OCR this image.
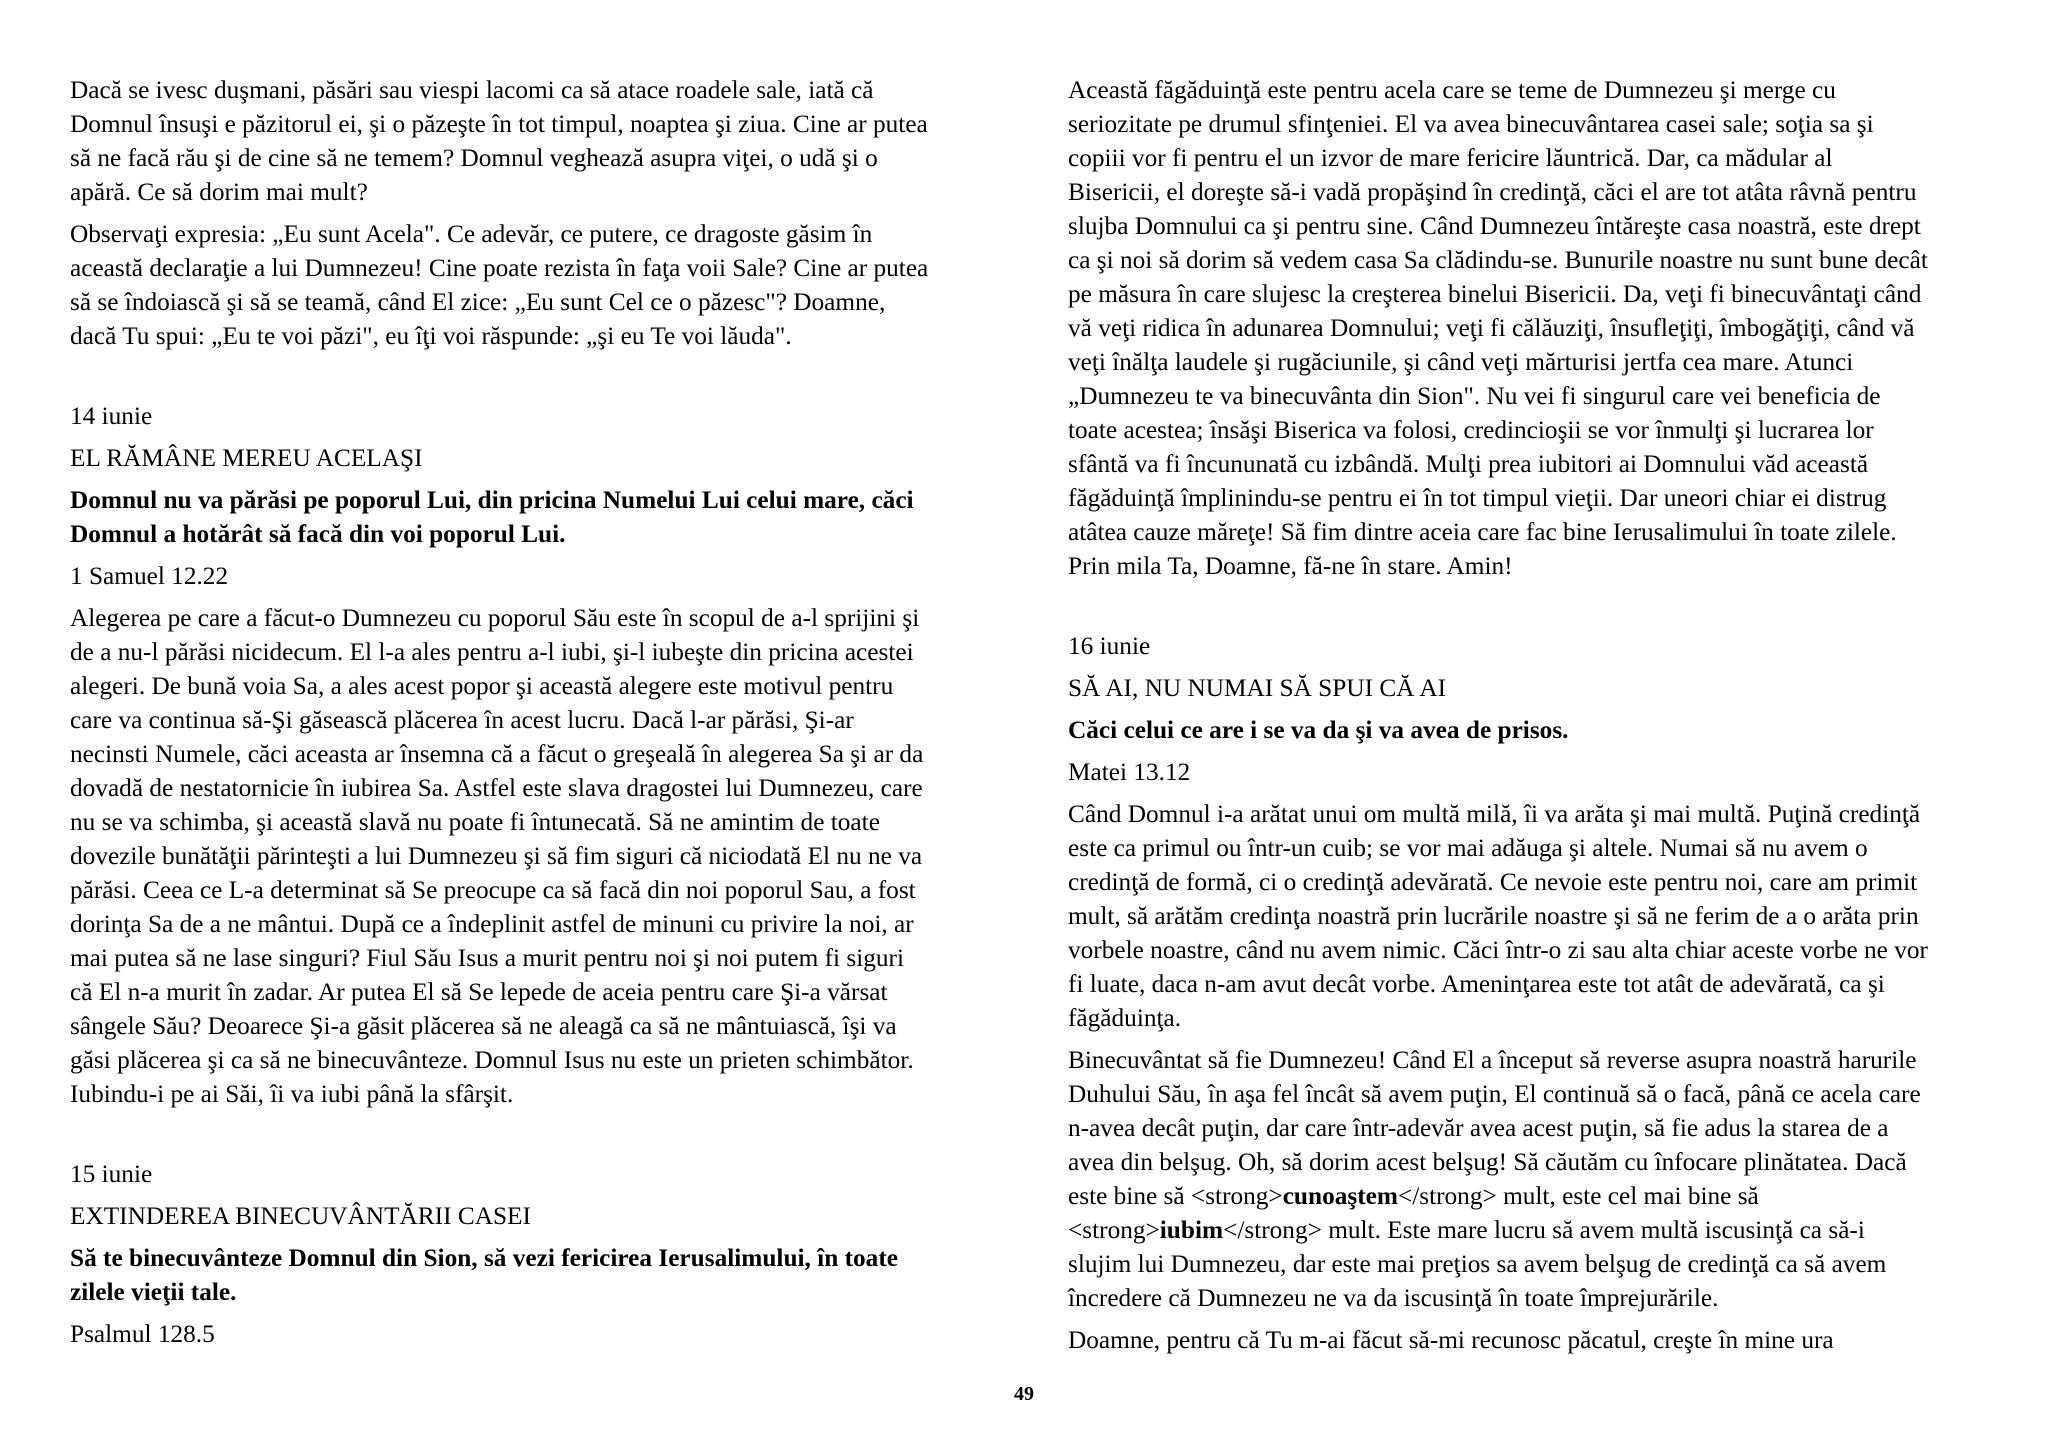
Dacă se ivesc duşmani, păsări sau viespi lacomi ca să atace roadele sale, iată că
Domnul însuşi e păzitorul ei, şi o păzeşte în tot timpul, noaptea şi ziua. Cine ar putea
să ne facă rău şi de cine să ne temem? Domnul veghează asupra viţei, o udă şi o
apără. Ce să dorim mai mult?
Observaţi expresia: „Eu sunt Acela". Ce adevăr, ce putere, ce dragoste găsim în
această declaraţie a lui Dumnezeu! Cine poate rezista în faţa voii Sale? Cine ar putea
să se îndoiască şi să se teamă, când El zice: „Eu sunt Cel ce o păzesc"? Doamne,
dacă Tu spui: „Eu te voi păzi", eu îţi voi răspunde: „şi eu Te voi lăuda".
14 iunie
EL RĂMÂNE MEREU ACELAŞI
Domnul nu va părăsi pe poporul Lui, din pricina Numelui Lui celui mare, căci
Domnul a hotărât să facă din voi poporul Lui.
1 Samuel 12.22
Alegerea pe care a făcut-o Dumnezeu cu poporul Său este în scopul de a-l sprijini şi
de a nu-l părăsi nicidecum. El l-a ales pentru a-l iubi, şi-l iubeşte din pricina acestei
alegeri. De bună voia Sa, a ales acest popor şi această alegere este motivul pentru
care va continua să-Şi găsească plăcerea în acest lucru. Dacă l-ar părăsi, Şi-ar
necinsti Numele, căci aceasta ar însemna că a făcut o greşeală în alegerea Sa şi ar da
dovadă de nestatornicie în iubirea Sa. Astfel este slava dragostei lui Dumnezeu, care
nu se va schimba, şi această slavă nu poate fi întunecată. Să ne amintim de toate
dovezile bunătăţii părinteşti a lui Dumnezeu şi să fim siguri că niciodată El nu ne va
părăsi. Ceea ce L-a determinat să Se preocupe ca să facă din noi poporul Sau, a fost
dorinţa Sa de a ne mântui. După ce a îndeplinit astfel de minuni cu privire la noi, ar
mai putea să ne lase singuri? Fiul Său Isus a murit pentru noi şi noi putem fi siguri
că El n-a murit în zadar. Ar putea El să Se lepede de aceia pentru care Şi-a vărsat
sângele Său? Deoarece Şi-a găsit plăcerea să ne aleagă ca să ne mântuiască, îşi va
găsi plăcerea şi ca să ne binecuvânteze. Domnul Isus nu este un prieten schimbător.
Iubindu-i pe ai Săi, îi va iubi până la sfârşit.
15 iunie
EXTINDEREA BINECUVÂNTĂRII CASEI
Să te binecuvânteze Domnul din Sion, să vezi fericirea Ierusalimului, în toate
zilele vieţii tale.
Psalmul 128.5
Această făgăduinţă este pentru acela care se teme de Dumnezeu şi merge cu
seriozitate pe drumul sfinţeniei. El va avea binecuvântarea casei sale; soţia sa şi
copiii vor fi pentru el un izvor de mare fericire lăuntrică. Dar, ca mădular al
Bisericii, el doreşte să-i vadă propăşind în credinţă, căci el are tot atâta râvnă pentru
slujba Domnului ca şi pentru sine. Când Dumnezeu întăreşte casa noastră, este drept
ca şi noi să dorim să vedem casa Sa clădindu-se. Bunurile noastre nu sunt bune decât
pe măsura în care slujesc la creşterea binelui Bisericii. Da, veţi fi binecuvântaţi când
vă veţi ridica în adunarea Domnului; veţi fi călăuziţi, însufleţiţi, îmbogăţiţi, când vă
veţi înălţa laudele şi rugăciunile, şi când veţi mărturisi jertfa cea mare. Atunci
„Dumnezeu te va binecuvânta din Sion". Nu vei fi singurul care vei beneficia de
toate acestea; însăşi Biserica va folosi, credincioşii se vor înmulţi şi lucrarea lor
sfântă va fi încununată cu izbândă. Mulţi prea iubitori ai Domnului văd această
făgăduinţă împlinindu-se pentru ei în tot timpul vieţii. Dar uneori chiar ei distrug
atâtea cauze măreţe! Să fim dintre aceia care fac bine Ierusalimului în toate zilele.
Prin mila Ta, Doamne, fă-ne în stare. Amin!
16 iunie
SĂ AI, NU NUMAI SĂ SPUI CĂ AI
Căci celui ce are i se va da şi va avea de prisos.
Matei 13.12
Când Domnul i-a arătat unui om multă milă, îi va arăta şi mai multă. Puţină credinţă
este ca primul ou într-un cuib; se vor mai adăuga şi altele. Numai să nu avem o
credinţă de formă, ci o credinţă adevărată. Ce nevoie este pentru noi, care am primit
mult, să arătăm credinţa noastră prin lucrările noastre şi să ne ferim de a o arăta prin
vorbele noastre, când nu avem nimic. Căci într-o zi sau alta chiar aceste vorbe ne vor
fi luate, daca n-am avut decât vorbe. Ameninţarea este tot atât de adevărată, ca şi
făgăduinţa.
Binecuvântat să fie Dumnezeu! Când El a început să reverse asupra noastră harurile
Duhului Său, în aşa fel încât să avem puţin, El continuă să o facă, până ce acela care
n-avea decât puţin, dar care într-adevăr avea acest puţin, să fie adus la starea de a
avea din belşug. Oh, să dorim acest belşug! Să căutăm cu înfocare plinătatea. Dacă
este bine să <strong>cunoaştem</strong> mult, este cel mai bine să
<strong>iubim</strong> mult. Este mare lucru să avem multă iscusinţă ca să-i
slujim lui Dumnezeu, dar este mai preţios sa avem belşug de credinţă ca să avem
încredere că Dumnezeu ne va da iscusinţă în toate împrejurările.
Doamne, pentru că Tu m-ai făcut să-mi recunosc păcatul, creşte în mine ura
49
